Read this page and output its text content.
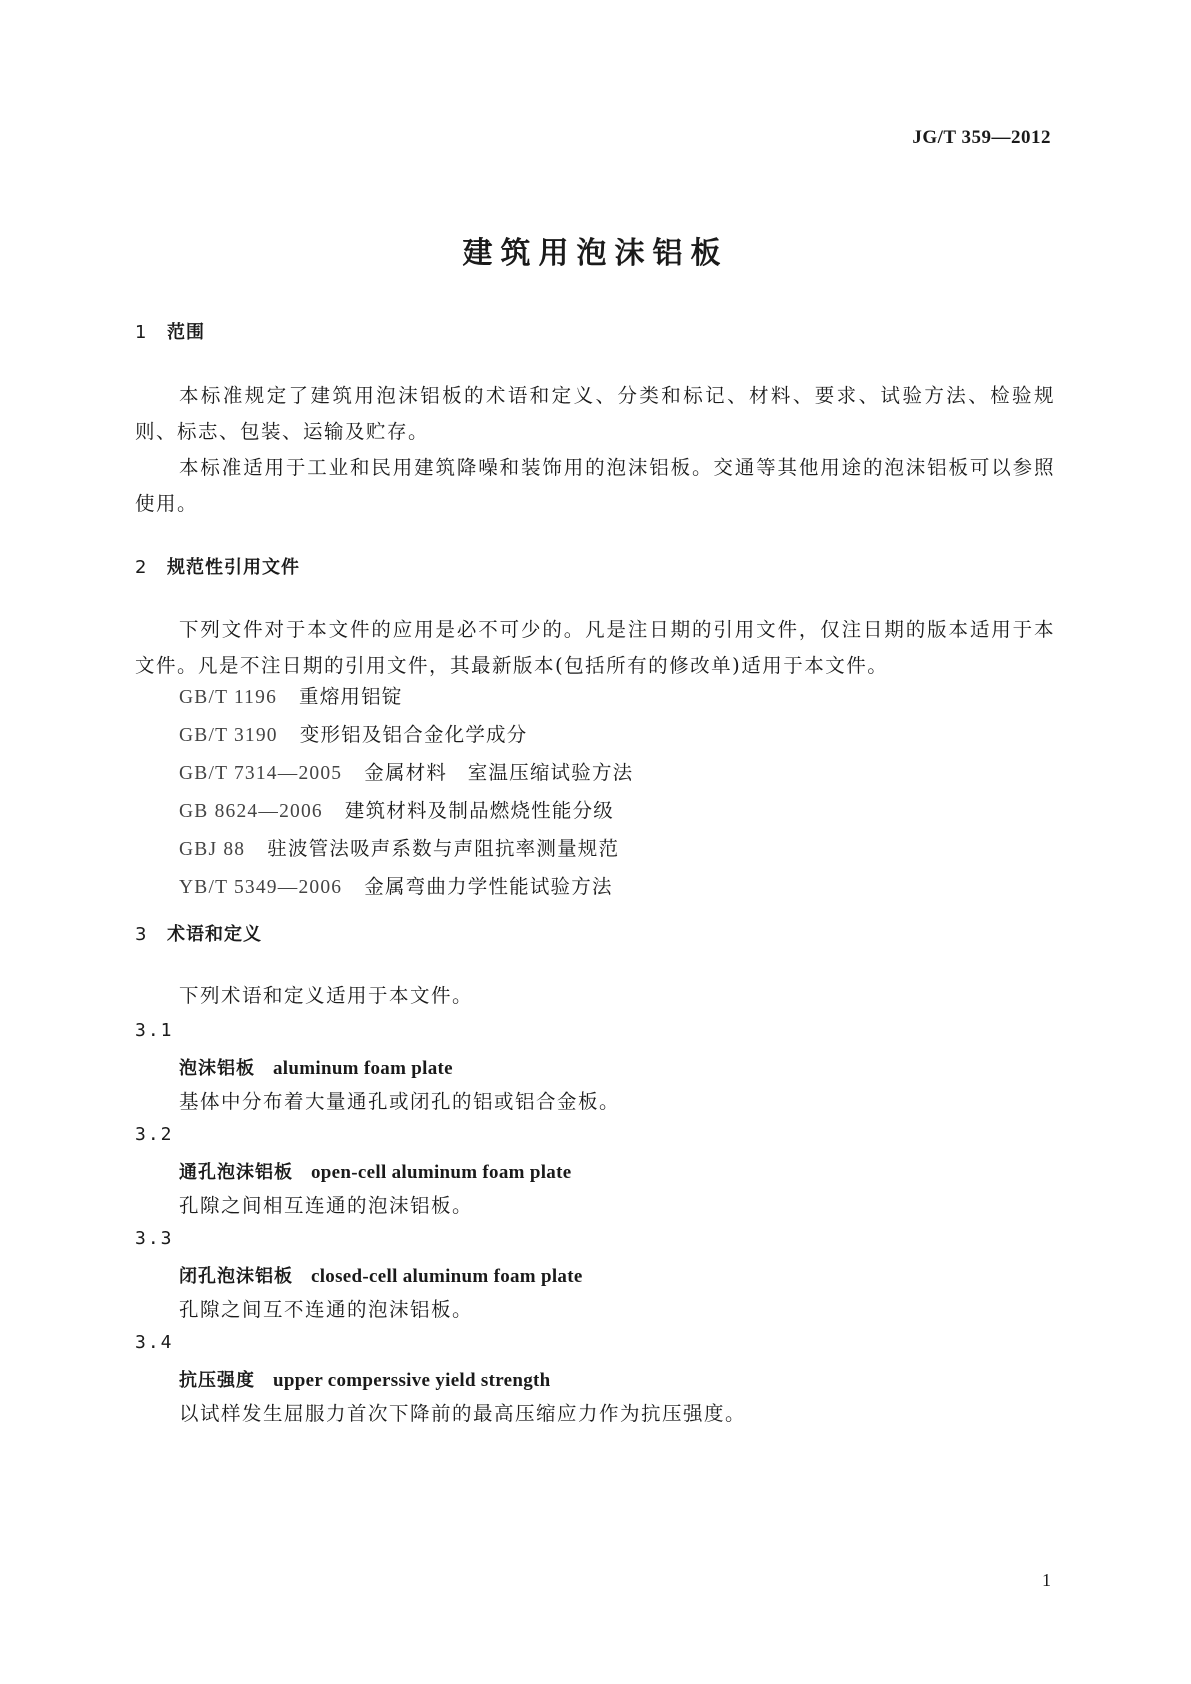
JG/T 359—2012
建筑用泡沫铝板
1 范围

本标准规定了建筑用泡沫铝板的术语和定义、分类和标记、材料、要求、试验方法、检验规则、标志、包装、运输及贮存。

本标准适用于工业和民用建筑降噪和装饰用的泡沫铝板。交通等其他用途的泡沫铝板可以参照使用。

2 规范性引用文件

下列文件对于本文件的应用是必不可少的。凡是注日期的引用文件，仅注日期的版本适用于本文件。凡是不注日期的引用文件，其最新版本(包括所有的修改单)适用于本文件。

GB/T 1196 重熔用铝锭
GB/T 3190 变形铝及铝合金化学成分
GB/T 7314—2005 金属材料　室温压缩试验方法
GB 8624—2006 建筑材料及制品燃烧性能分级
GBJ 88 驻波管法吸声系数与声阻抗率测量规范
YB/T 5349—2006 金属弯曲力学性能试验方法
3 术语和定义

下列术语和定义适用于本文件。

3.1
泡沫铝板 aluminum foam plate
基体中分布着大量通孔或闭孔的铝或铝合金板。
3.2
通孔泡沫铝板 open-cell aluminum foam plate
孔隙之间相互连通的泡沫铝板。
3.3
闭孔泡沫铝板 closed-cell aluminum foam plate
孔隙之间互不连通的泡沫铝板。
3.4
抗压强度 upper comperssive yield strength
以试样发生屈服力首次下降前的最高压缩应力作为抗压强度。
1
